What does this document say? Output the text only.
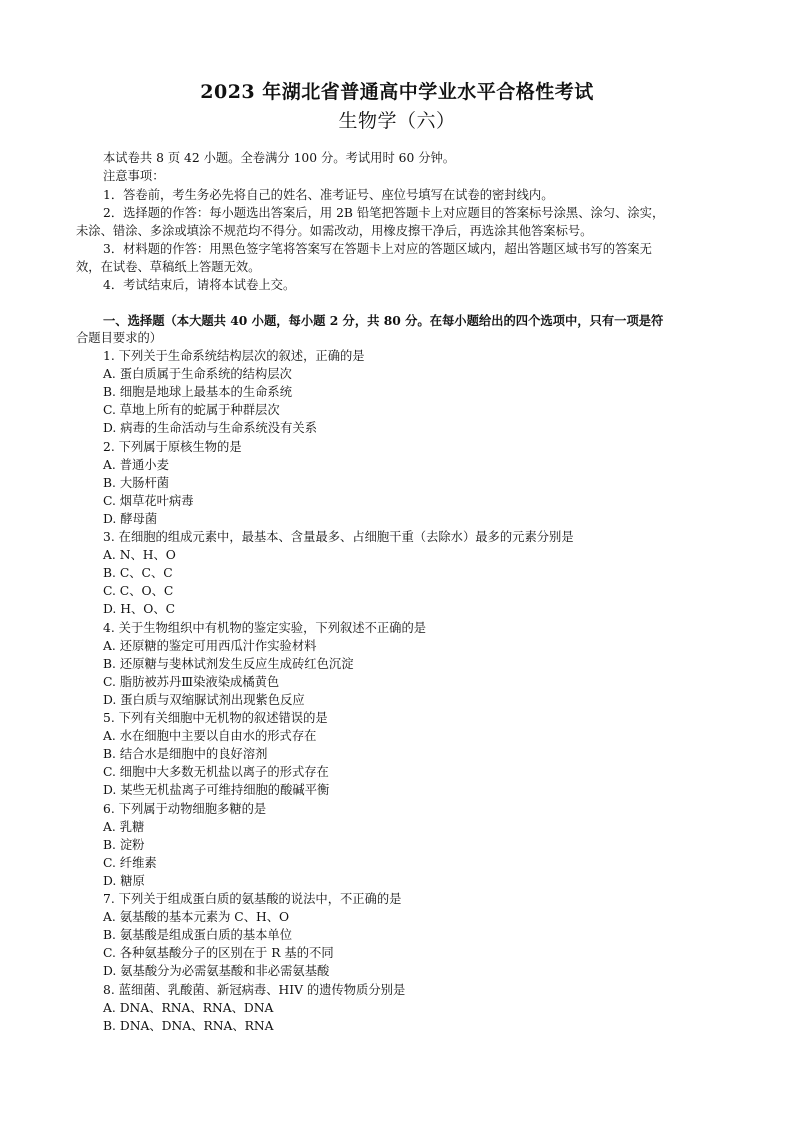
2023 年湖北省普通高中学业水平合格性考试
生物学（六）
本试卷共 8 页 42 小题。全卷满分 100 分。考试用时 60 分钟。
注意事项：
1．答卷前，考生务必先将自己的姓名、准考证号、座位号填写在试卷的密封线内。
2．选择题的作答：每小题选出答案后，用 2B 铅笔把答题卡上对应题目的答案标号涂黑、涂匀、涂实，
未涂、错涂、多涂或填涂不规范均不得分。如需改动，用橡皮擦干净后，再选涂其他答案标号。
3．材料题的作答：用黑色签字笔将答案写在答题卡上对应的答题区域内，超出答题区域书写的答案无
效，在试卷、草稿纸上答题无效。
4．考试结束后，请将本试卷上交。
一、选择题（本大题共 40 小题，每小题 2 分，共 80 分。在每小题给出的四个选项中，只有一项是符
合题目要求的）
1. 下列关于生命系统结构层次的叙述，正确的是
A. 蛋白质属于生命系统的结构层次
B. 细胞是地球上最基本的生命系统
C. 草地上所有的蛇属于种群层次
D. 病毒的生命活动与生命系统没有关系
2. 下列属于原核生物的是
A. 普通小麦
B. 大肠杆菌
C. 烟草花叶病毒
D. 酵母菌
3. 在细胞的组成元素中，最基本、含量最多、占细胞干重（去除水）最多的元素分别是
A. N、H、O
B. C、C、C
C. C、O、C
D. H、O、C
4. 关于生物组织中有机物的鉴定实验，下列叙述不正确的是
A. 还原糖的鉴定可用西瓜汁作实验材料
B. 还原糖与斐林试剂发生反应生成砖红色沉淀
C. 脂肪被苏丹Ⅲ染液染成橘黄色
D. 蛋白质与双缩脲试剂出现紫色反应
5. 下列有关细胞中无机物的叙述错误的是
A. 水在细胞中主要以自由水的形式存在
B. 结合水是细胞中的良好溶剂
C. 细胞中大多数无机盐以离子的形式存在
D. 某些无机盐离子可维持细胞的酸碱平衡
6. 下列属于动物细胞多糖的是
A. 乳糖
B. 淀粉
C. 纤维素
D. 糖原
7. 下列关于组成蛋白质的氨基酸的说法中，不正确的是
A. 氨基酸的基本元素为 C、H、O
B. 氨基酸是组成蛋白质的基本单位
C. 各种氨基酸分子的区别在于 R 基的不同
D. 氨基酸分为必需氨基酸和非必需氨基酸
8. 蓝细菌、乳酸菌、新冠病毒、HIV 的遗传物质分别是
A. DNA、RNA、RNA、DNA
B. DNA、DNA、RNA、RNA
